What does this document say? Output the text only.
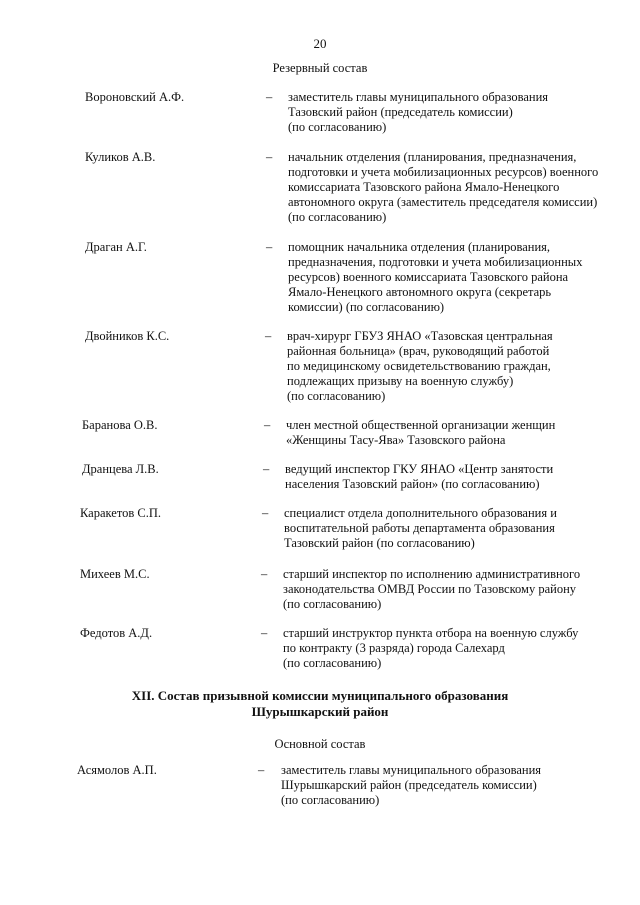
20
Резервный состав
Вороновский А.Ф.	– заместитель главы муниципального образования
Тазовский район (председатель комиссии)
(по согласованию)
Куликов А.В.	– начальник отделения (планирования, предназначения,
подготовки и учета мобилизационных ресурсов) военного
комиссариата Тазовского района Ямало-Ненецкого
автономного округа (заместитель председателя комиссии)
(по согласованию)
Драган А.Г.	– помощник начальника отделения (планирования,
предназначения, подготовки и учета мобилизационных
ресурсов) военного комиссариата Тазовского района
Ямало-Ненецкого автономного округа (секретарь
комиссии) (по согласованию)
Двойников К.С.	– врач-хирург ГБУЗ ЯНАО «Тазовская центральная
районная больница» (врач, руководящий работой
по медицинскому освидетельствованию граждан,
подлежащих призыву на военную службу)
(по согласованию)
Баранова О.В.	– член местной общественной организации женщин
«Женщины Тасу-Ява» Тазовского района
Дранцева Л.В.	– ведущий инспектор ГКУ ЯНАО «Центр занятости
населения Тазовский район» (по согласованию)
Каракетов С.П.	– специалист отдела дополнительного образования и
воспитательной работы департамента образования
Тазовский район (по согласованию)
Михеев М.С.	– старший инспектор по исполнению административного
законодательства ОМВД России по Тазовскому району
(по согласованию)
Федотов А.Д.	– старший инструктор пункта отбора на военную службу
по контракту (3 разряда) города Салехард
(по согласованию)
XII. Состав призывной комиссии муниципального образования
Шурышкарский район
Основной состав
Асямолов А.П.	– заместитель главы муниципального образования
Шурышкарский район (председатель комиссии)
(по согласованию)
